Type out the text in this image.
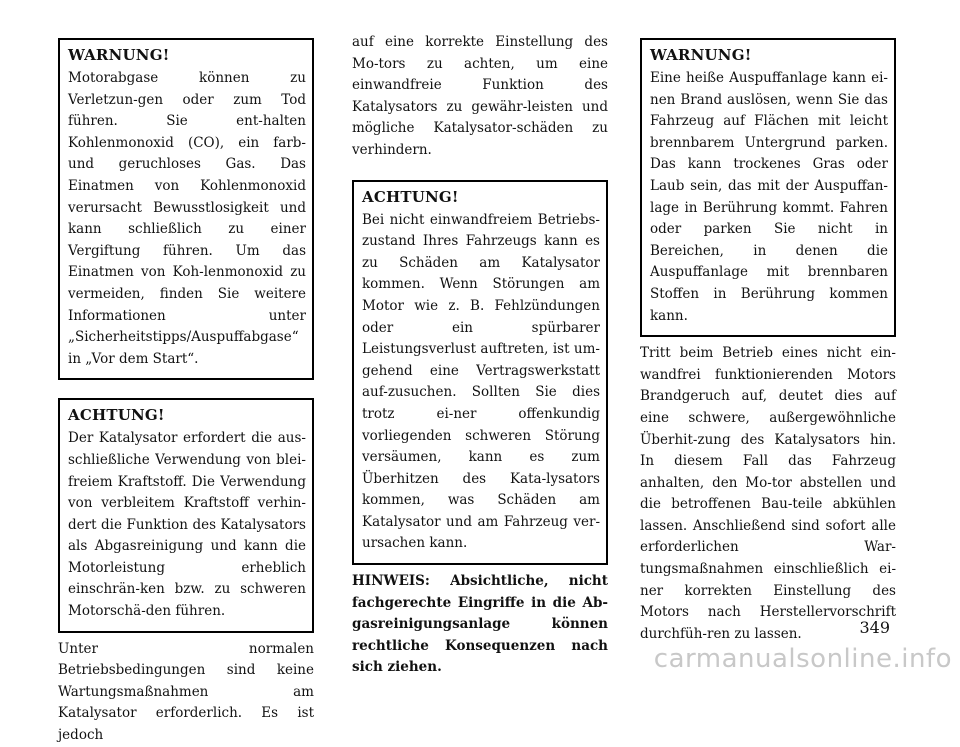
WARNUNG!

Motorabgase können zu Verletzun-gen oder zum Tod führen. Sie ent-halten Kohlenmonoxid (CO), ein farb- und geruchloses Gas. Das Einatmen von Kohlenmonoxid verursacht Bewusstlosigkeit und kann schließlich zu einer Vergiftung führen. Um das Einatmen von Koh-lenmonoxid zu vermeiden, finden Sie weitere Informationen unter „Sicherheitstipps/Auspuffabgase“ in „Vor dem Start“.

ACHTUNG!

Der Katalysator erfordert die aus-schließliche Verwendung von blei-freiem Kraftstoff. Die Verwendung von verbleitem Kraftstoff verhin-dert die Funktion des Katalysators als Abgasreinigung und kann die Motorleistung erheblich einschrän-ken bzw. zu schweren Motorschä-den führen.

Unter normalen Betriebsbedingungen sind keine Wartungsmaßnahmen am Katalysator erforderlich. Es ist jedoch

auf eine korrekte Einstellung des Mo-tors zu achten, um eine einwandfreie Funktion des Katalysators zu gewähr-leisten und mögliche Katalysator-schäden zu verhindern.

ACHTUNG!

Bei nicht einwandfreiem Betriebs-zustand Ihres Fahrzeugs kann es zu Schäden am Katalysator kommen. Wenn Störungen am Motor wie z. B. Fehlzündungen oder ein spürbarer Leistungsverlust auftreten, ist um-gehend eine Vertragswerkstatt auf-zusuchen. Sollten Sie dies trotz ei-ner offenkundig vorliegenden schweren Störung versäumen, kann es zum Überhitzen des Kata-lysators kommen, was Schäden am Katalysator und am Fahrzeug ver-ursachen kann.

HINWEIS: Absichtliche, nicht fachgerechte Eingriffe in die Ab-gasreinigungsanlage können rechtliche Konsequenzen nach sich ziehen.

WARNUNG!

Eine heiße Auspuffanlage kann ei-nen Brand auslösen, wenn Sie das Fahrzeug auf Flächen mit leicht brennbarem Untergrund parken. Das kann trockenes Gras oder Laub sein, das mit der Auspuffan-lage in Berührung kommt. Fahren oder parken Sie nicht in Bereichen, in denen die Auspuffanlage mit brennbaren Stoffen in Berührung kommen kann.

Tritt beim Betrieb eines nicht ein-wandfrei funktionierenden Motors Brandgeruch auf, deutet dies auf eine schwere, außergewöhnliche Überhit-zung des Katalysators hin. In diesem Fall das Fahrzeug anhalten, den Mo-tor abstellen und die betroffenen Bau-teile abkühlen lassen. Anschließend sind sofort alle erforderlichen War-tungsmaßnahmen einschließlich ei-ner korrekten Einstellung des Motors nach Herstellervorschrift durchfüh-ren zu lassen.	349
carmanualsonline.info
